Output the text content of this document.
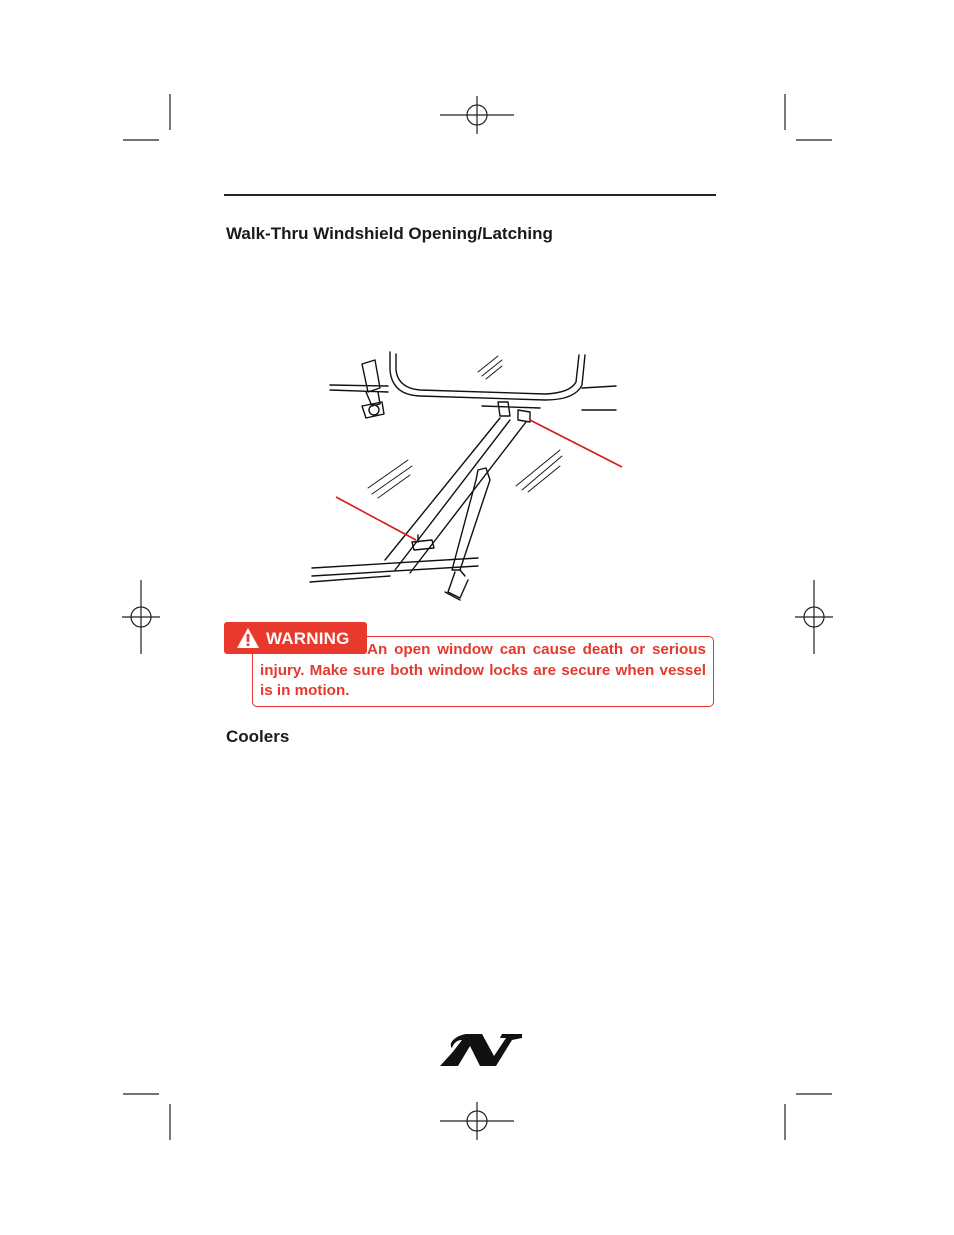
Walk-Thru Windshield Opening/Latching
WARNING
An open window can cause death or serious injury. Make sure both window locks are secure when vessel is in motion.
Coolers
